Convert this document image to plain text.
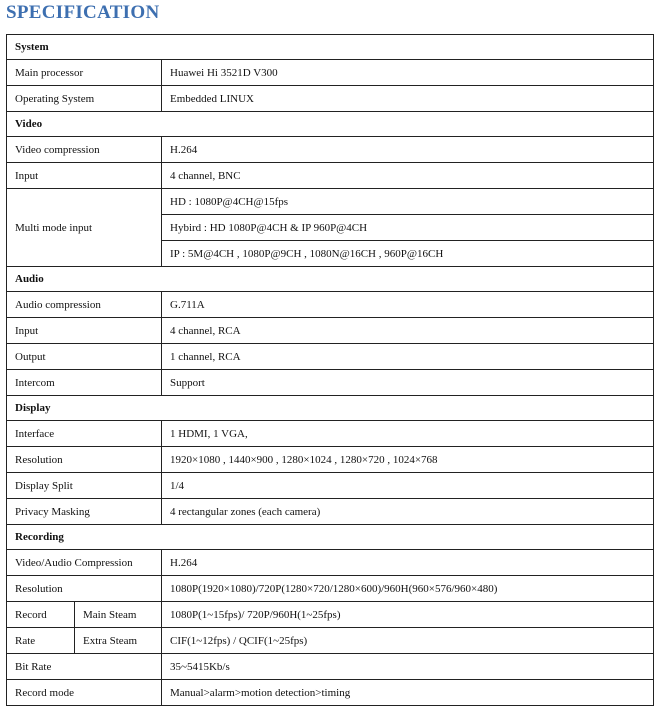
SPECIFICATION
System		
Main processor		Huawei Hi 3521D V300
Operating System		Embedded LINUX
Video		
Video compression		H.264
Input		4 channel, BNC
Multi mode input		HD : 1080P@4CH@15fps
		Hybird : HD 1080P@4CH & IP 960P@4CH
		IP : 5M@4CH , 1080P@9CH , 1080N@16CH , 960P@16CH
Audio		
Audio compression		G.711A
Input		4 channel, RCA
Output		1 channel, RCA
Intercom		Support
Display		
Interface		1 HDMI, 1 VGA,
Resolution		1920×1080 , 1440×900 , 1280×1024 , 1280×720 , 1024×768
Display Split		1/4
Privacy Masking		4 rectangular zones (each camera)
Recording		
Video/Audio Compression		H.264
Resolution		1080P(1920×1080)/720P(1280×720/1280×600)/960H(960×576/960×480)
Record	Main Steam	1080P(1~15fps)/ 720P/960H(1~25fps)
Rate	Extra Steam	CIF(1~12fps) / QCIF(1~25fps)
Bit Rate		35~5415Kb/s
Record mode		Manual>alarm>motion detection>timing
